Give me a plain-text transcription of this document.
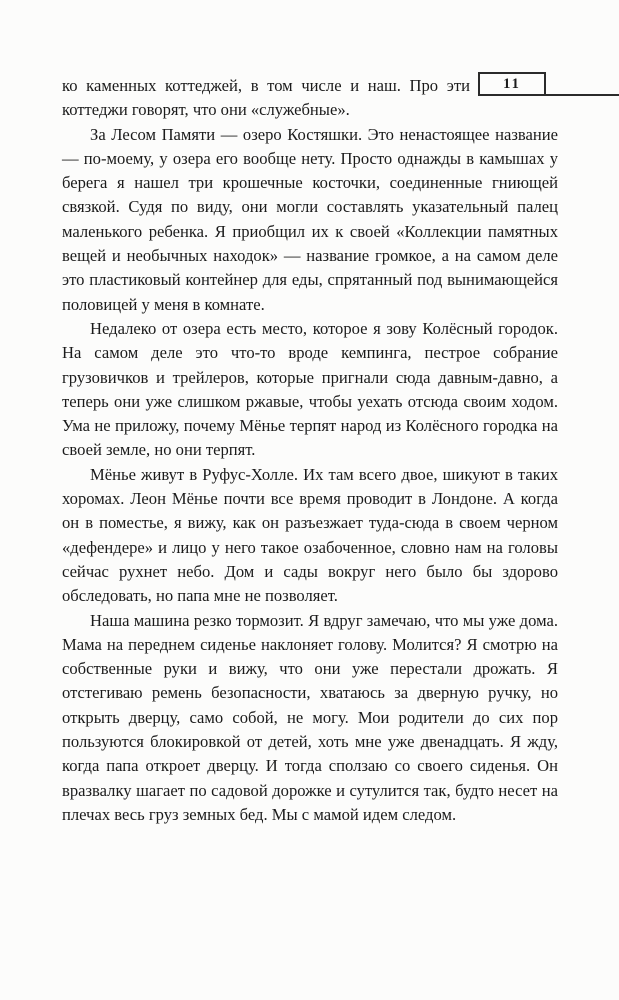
11

ко каменных коттеджей, в том числе и наш. Про эти коттеджи говорят, что они «служебные».

За Лесом Памяти — озеро Костяшки. Это ненастоящее название — по-моему, у озера его вообще нету. Просто однажды в камышах у берега я нашел три крошечные косточки, соединенные гниющей связкой. Судя по виду, они могли составлять указательный палец маленького ребенка. Я приобщил их к своей «Коллекции памятных вещей и необычных находок» — название громкое, а на самом деле это пластиковый контейнер для еды, спрятанный под вынимающейся половицей у меня в комнате.

Недалеко от озера есть место, которое я зову Колёсный городок. На самом деле это что-то вроде кемпинга, пестрое собрание грузовичков и трейлеров, которые пригнали сюда давным-давно, а теперь они уже слишком ржавые, чтобы уехать отсюда своим ходом. Ума не приложу, почему Мёнье терпят народ из Колёсного городка на своей земле, но они терпят.

Мёнье живут в Руфус-Холле. Их там всего двое, шикуют в таких хоромах. Леон Мёнье почти все время проводит в Лондоне. А когда он в поместье, я вижу, как он разъезжает туда-сюда в своем черном «дефендере» и лицо у него такое озабоченное, словно нам на головы сейчас рухнет небо. Дом и сады вокруг него было бы здорово обследовать, но папа мне не позволяет.

Наша машина резко тормозит. Я вдруг замечаю, что мы уже дома. Мама на переднем сиденье наклоняет голову. Молится? Я смотрю на собственные руки и вижу, что они уже перестали дрожать. Я отстегиваю ремень безопасности, хватаюсь за дверную ручку, но открыть дверцу, само собой, не могу. Мои родители до сих пор пользуются блокировкой от детей, хоть мне уже двенадцать. Я жду, когда папа откроет дверцу. И тогда сползаю со своего сиденья. Он вразвалку шагает по садовой дорожке и сутулится так, будто несет на плечах весь груз земных бед. Мы с мамой идем следом.
